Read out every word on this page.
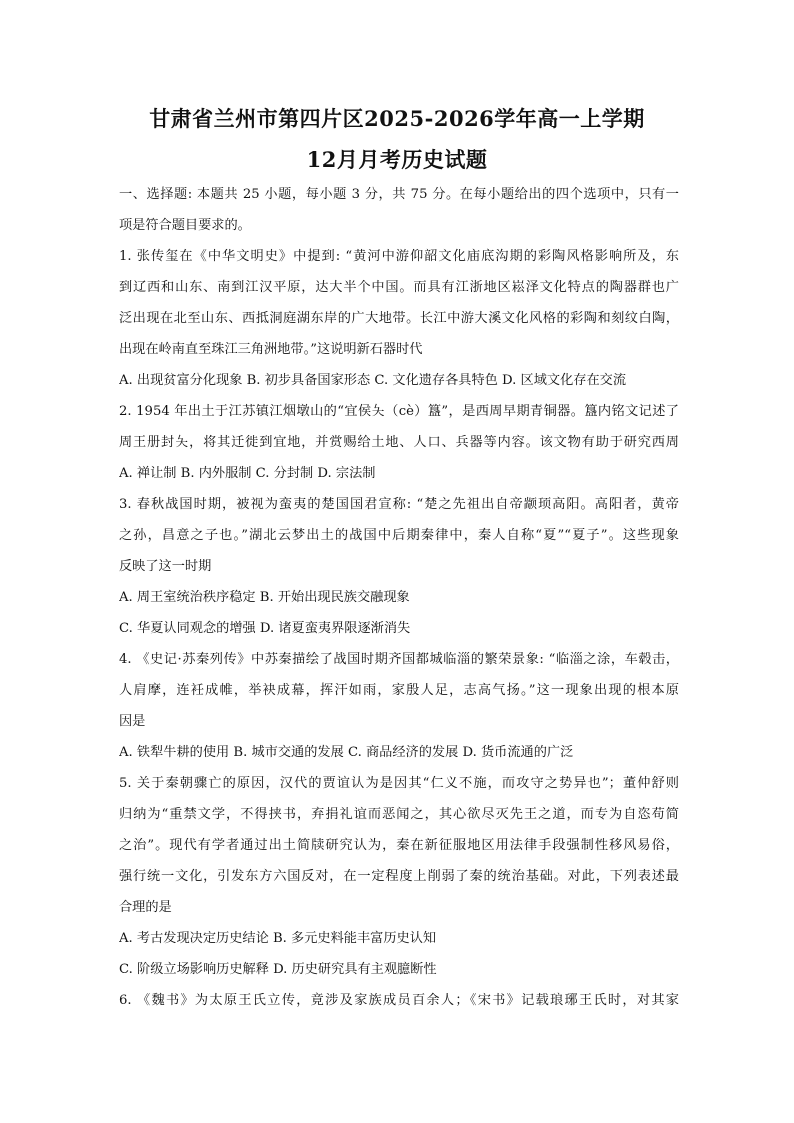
甘肃省兰州市第四片区2025-2026学年高一上学期
12月月考历史试题
一、选择题: 本题共 25 小题，每小题 3 分，共 75 分。在每小题给出的四个选项中，只有一
项是符合题目要求的。
1. 张传玺在《中华文明史》中提到: “黄河中游仰韶文化庙底沟期的彩陶风格影响所及，东
到辽西和山东、南到江汉平原，达大半个中国。而具有江浙地区崧泽文化特点的陶器群也广
泛出现在北至山东、西抵洞庭湖东岸的广大地带。长江中游大溪文化风格的彩陶和刻纹白陶，
出现在岭南直至珠江三角洲地带。”这说明新石器时代
A. 出现贫富分化现象 B. 初步具备国家形态 C. 文化遗存各具特色 D. 区域文化存在交流
2. 1954 年出土于江苏镇江烟墩山的“宜侯夨（cè）簋”，是西周早期青铜器。簋内铭文记述了
周王册封夨，将其迁徙到宜地，并赏赐给土地、人口、兵器等内容。该文物有助于研究西周
A. 禅让制 B. 内外服制 C. 分封制 D. 宗法制
3. 春秋战国时期，被视为蛮夷的楚国国君宣称: “楚之先祖出自帝颛顼高阳。高阳者，黄帝
之孙，昌意之子也。”湖北云梦出土的战国中后期秦律中，秦人自称“夏”“夏子”。这些现象
反映了这一时期
A. 周王室统治秩序稳定 B. 开始出现民族交融现象
C. 华夏认同观念的增强 D. 诸夏蛮夷界限逐渐消失
4. 《史记·苏秦列传》中苏秦描绘了战国时期齐国都城临淄的繁荣景象: “临淄之涂，车毂击，
人肩摩，连衽成帷，举袂成幕，挥汗如雨，家殷人足，志高气扬。”这一现象出现的根本原
因是
A. 铁犁牛耕的使用 B. 城市交通的发展 C. 商品经济的发展 D. 货币流通的广泛
5. 关于秦朝骤亡的原因，汉代的贾谊认为是因其“仁义不施，而攻守之势异也”；董仲舒则
归纳为“重禁文学，不得挟书，弃捐礼谊而恶闻之，其心欲尽灭先王之道，而专为自恣苟简
之治”。现代有学者通过出土简牍研究认为，秦在新征服地区用法律手段强制性移风易俗，
强行统一文化，引发东方六国反对，在一定程度上削弱了秦的统治基础。对此，下列表述最
合理的是
A. 考古发现决定历史结论 B. 多元史料能丰富历史认知
C. 阶级立场影响历史解释 D. 历史研究具有主观臆断性
6. 《魏书》为太原王氏立传，竟涉及家族成员百余人；《宋书》记载琅琊王氏时，对其家
